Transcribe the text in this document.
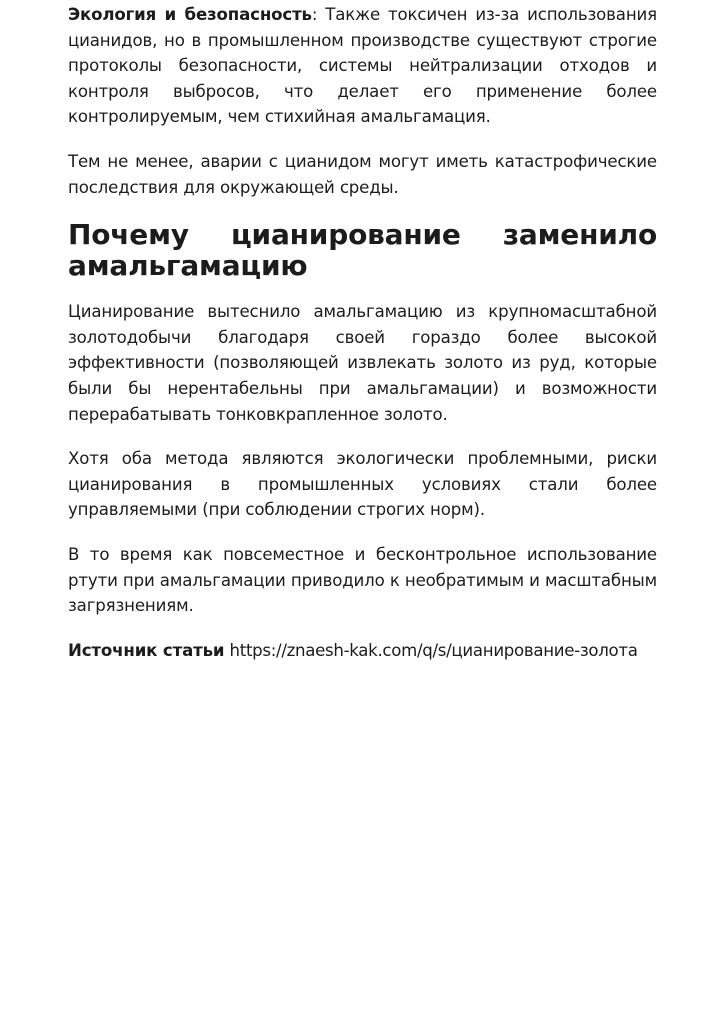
Экология и безопасность: Также токсичен из-за использования цианидов, но в промышленном производстве существуют строгие протоколы безопасности, системы нейтрализации отходов и контроля выбросов, что делает его применение более контролируемым, чем стихийная амальгамация.

Тем не менее, аварии с цианидом могут иметь катастрофические последствия для окружающей среды.

Почему цианирование заменило амальгамацию

Цианирование вытеснило амальгамацию из крупномасштабной золотодобычи благодаря своей гораздо более высокой эффективности (позволяющей извлекать золото из руд, которые были бы нерентабельны при амальгамации) и возможности перерабатывать тонковкрапленное золото.

Хотя оба метода являются экологически проблемными, риски цианирования в промышленных условиях стали более управляемыми (при соблюдении строгих норм).

В то время как повсеместное и бесконтрольное использование ртути при амальгамации приводило к необратимым и масштабным загрязнениям.

Источник статьи https://znaesh-kak.com/q/s/цианирование-золота
